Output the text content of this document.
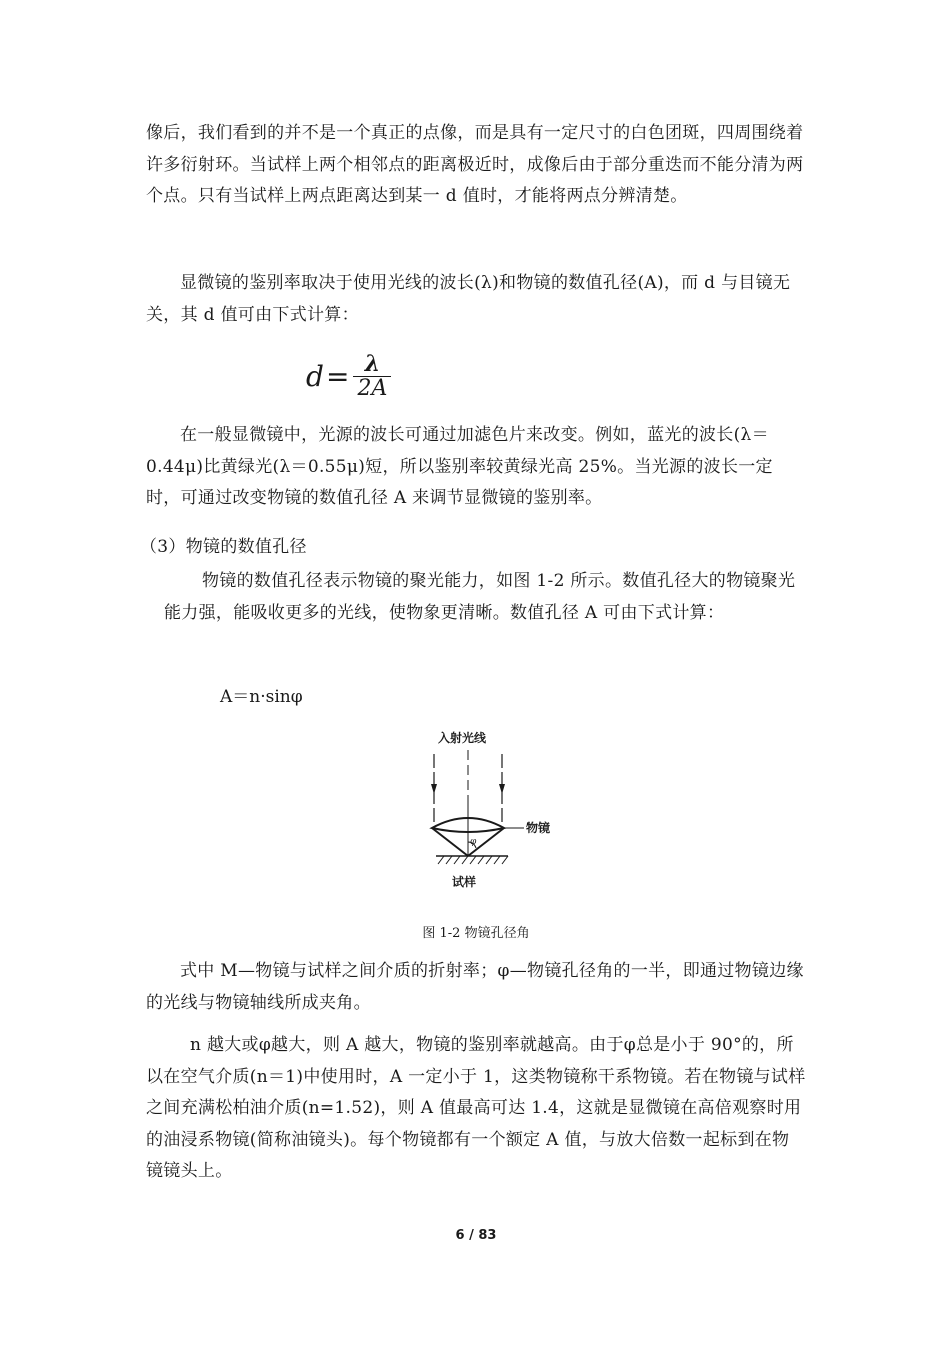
像后，我们看到的并不是一个真正的点像，而是具有一定尺寸的白色团斑，四周围绕着许多衍射环。当试样上两个相邻点的距离极近时，成像后由于部分重迭而不能分清为两个点。只有当试样上两点距离达到某一 d 值时，才能将两点分辨清楚。

显微镜的鉴别率取决于使用光线的波长(λ)和物镜的数值孔径(A)，而 d 与目镜无关，其 d 值可由下式计算：

$d = \frac{\lambda}{2A}$

在一般显微镜中，光源的波长可通过加滤色片来改变。例如，蓝光的波长(λ＝0.44μ)比黄绿光(λ＝0.55μ)短，所以鉴别率较黄绿光高 25%。当光源的波长一定时，可通过改变物镜的数值孔径 A 来调节显微镜的鉴别率。

（3）物镜的数值孔径

物镜的数值孔径表示物镜的聚光能力，如图 1-2 所示。数值孔径大的物镜聚光能力强，能吸收更多的光线，使物象更清晰。数值孔径 A 可由下式计算：

A＝n·sinφ
入射光线
物镜
φ
试样
图 1-2 物镜孔径角

式中 M—物镜与试样之间介质的折射率；φ—物镜孔径角的一半，即通过物镜边缘的光线与物镜轴线所成夹角。

n 越大或φ越大，则 A 越大，物镜的鉴别率就越高。由于φ总是小于 90°的，所以在空气介质(n＝1)中使用时，A 一定小于 1，这类物镜称干系物镜。若在物镜与试样之间充满松柏油介质(n=1.52)，则 A 值最高可达 1.4，这就是显微镜在高倍观察时用的油浸系物镜(简称油镜头)。每个物镜都有一个额定 A 值，与放大倍数一起标到在物镜镜头上。

6 / 83
